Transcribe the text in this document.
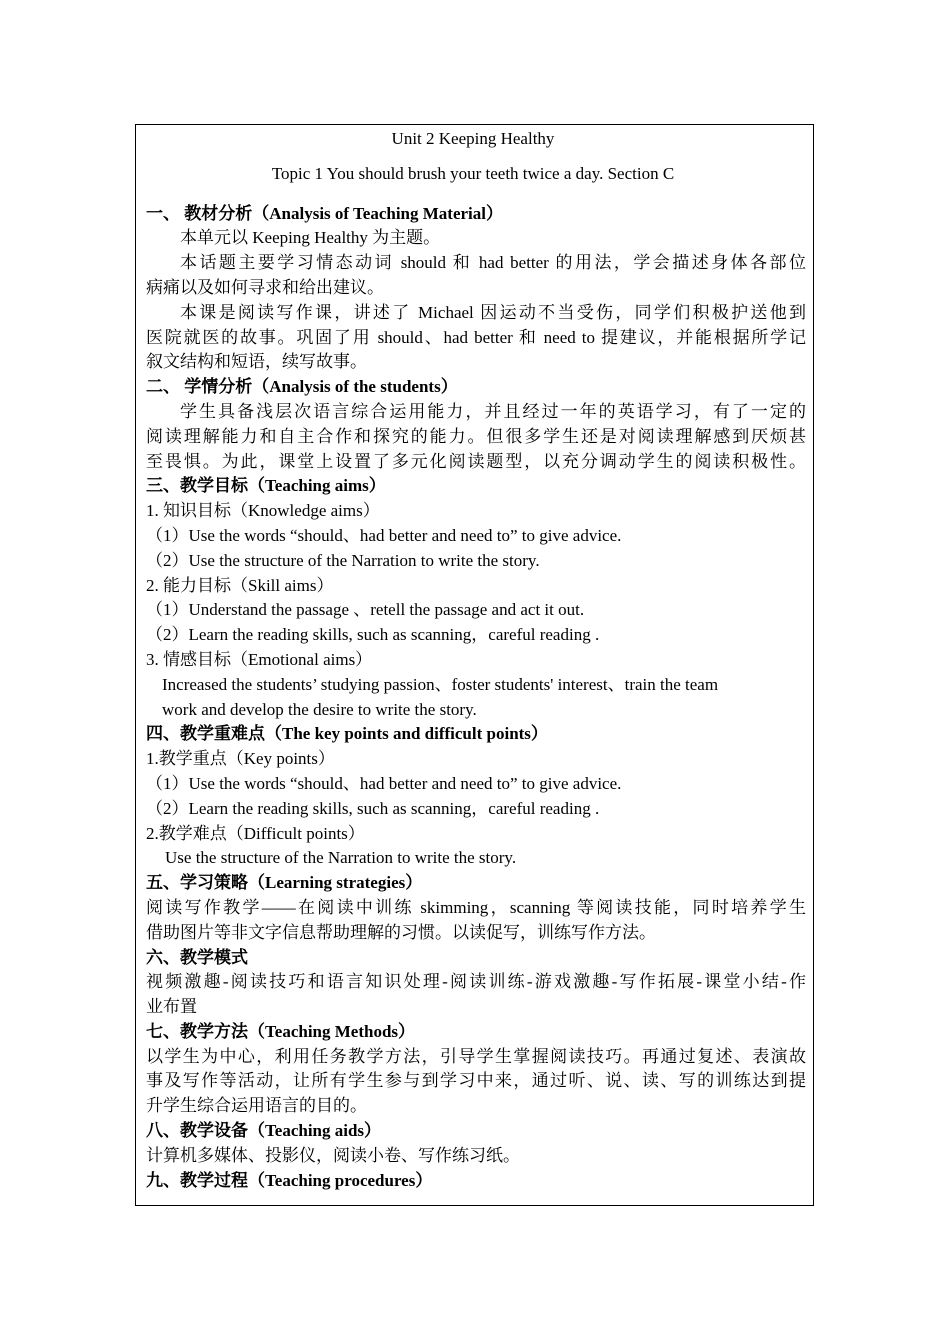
Unit 2 Keeping Healthy
Topic 1 You should brush your teeth twice a day. Section C
一、 教材分析（Analysis of Teaching Material）
本单元以 Keeping Healthy 为主题。
本话题主要学习情态动词 should 和 had better 的用法，学会描述身体各部位
病痛以及如何寻求和给出建议。
本课是阅读写作课，讲述了 Michael 因运动不当受伤，同学们积极护送他到
医院就医的故事。巩固了用 should、had better 和 need to 提建议，并能根据所学记
叙文结构和短语，续写故事。
二、 学情分析（Analysis of the students）
学生具备浅层次语言综合运用能力，并且经过一年的英语学习，有了一定的
阅读理解能力和自主合作和探究的能力。但很多学生还是对阅读理解感到厌烦甚
至畏惧。为此，课堂上设置了多元化阅读题型，以充分调动学生的阅读积极性。
三、教学目标（Teaching aims）
1. 知识目标（Knowledge aims）
（1）Use the words “should、had better and need to” to give advice.
（2）Use the structure of the Narration to write the story.
2. 能力目标（Skill aims）
（1）Understand the passage 、retell the passage and act it out.
（2）Learn the reading skills, such as scanning，careful reading .
3. 情感目标（Emotional aims）
Increased the students’ studying passion、foster students' interest、train the team
work and develop the desire to write the story.
四、教学重难点（The key points and difficult points）
1.教学重点（Key points）
（1）Use the words “should、had better and need to” to give advice.
（2）Learn the reading skills, such as scanning，careful reading .
2.教学难点（Difficult points）
Use the structure of the Narration to write the story.
五、学习策略（Learning strategies）
阅读写作教学——在阅读中训练 skimming，scanning 等阅读技能，同时培养学生
借助图片等非文字信息帮助理解的习惯。以读促写，训练写作方法。
六、教学模式
视频激趣-阅读技巧和语言知识处理-阅读训练-游戏激趣-写作拓展-课堂小结-作
业布置
七、教学方法（Teaching Methods）
以学生为中心，利用任务教学方法，引导学生掌握阅读技巧。再通过复述、表演故
事及写作等活动，让所有学生参与到学习中来，通过听、说、读、写的训练达到提
升学生综合运用语言的目的。
八、教学设备（Teaching aids）
计算机多媒体、投影仪，阅读小卷、写作练习纸。
九、教学过程（Teaching procedures）
